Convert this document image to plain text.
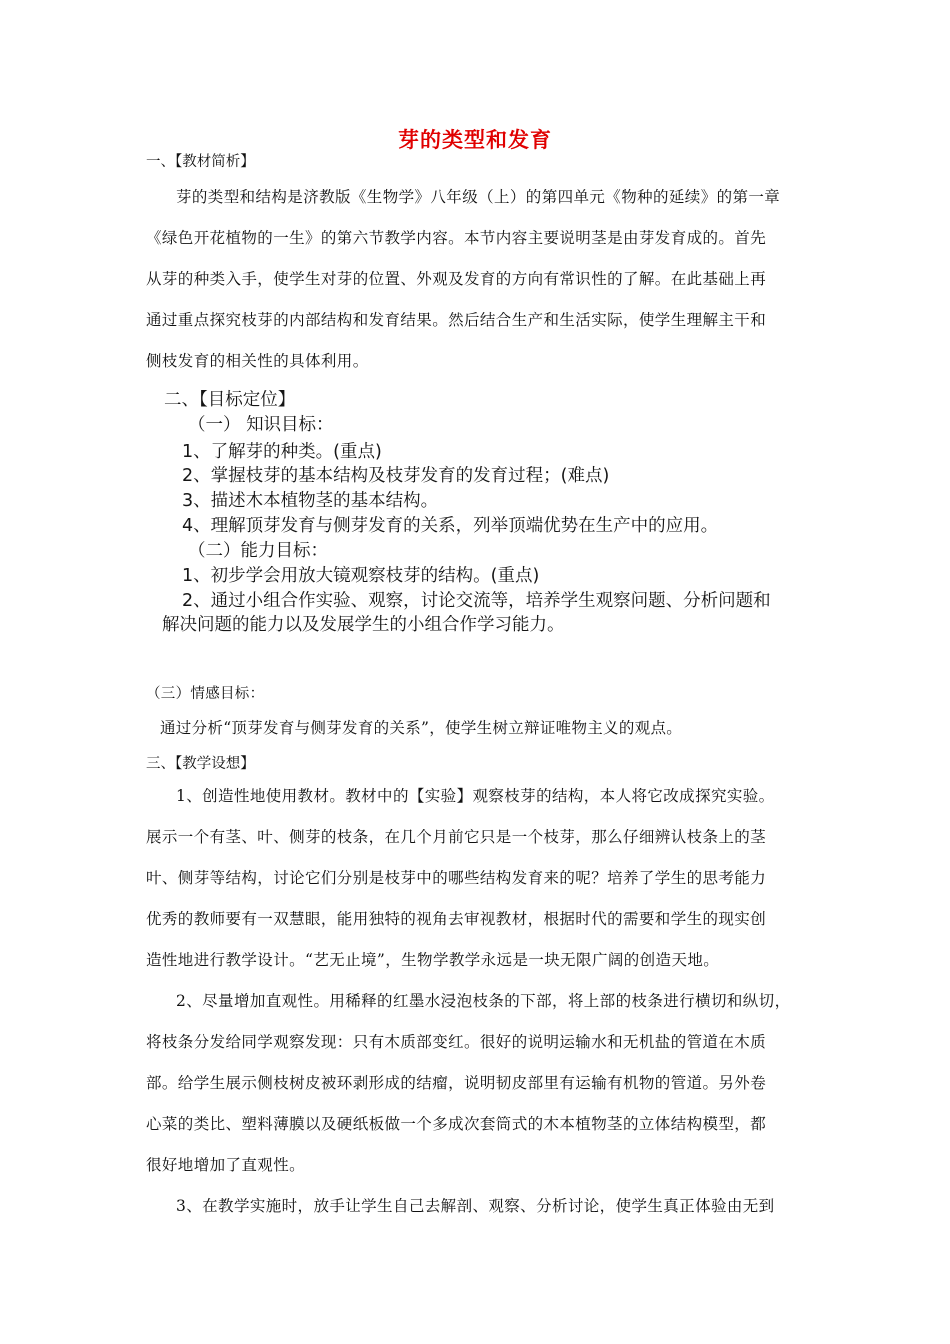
芽的类型和发育
一、【教材简析】
芽的类型和结构是济教版《生物学》八年级（上）的第四单元《物种的延续》的第一章
《绿色开花植物的一生》的第六节教学内容。本节内容主要说明茎是由芽发育成的。首先
从芽的种类入手，使学生对芽的位置、外观及发育的方向有常识性的了解。在此基础上再
通过重点探究枝芽的内部结构和发育结果。然后结合生产和生活实际，使学生理解主干和
侧枝发育的相关性的具体利用。
二、【目标定位】
（一） 知识目标：
1、了解芽的种类。(重点)
2、掌握枝芽的基本结构及枝芽发育的发育过程；(难点)
3、描述木本植物茎的基本结构。
4、理解顶芽发育与侧芽发育的关系，列举顶端优势在生产中的应用。
（二）能力目标：
1、初步学会用放大镜观察枝芽的结构。(重点)
2、通过小组合作实验、观察，讨论交流等，培养学生观察问题、分析问题和
解决问题的能力以及发展学生的小组合作学习能力。
（三）情感目标：
通过分析“顶芽发育与侧芽发育的关系”，使学生树立辩证唯物主义的观点。
三、【教学设想】
1、创造性地使用教材。教材中的【实验】观察枝芽的结构，本人将它改成探究实验。
展示一个有茎、叶、侧芽的枝条，在几个月前它只是一个枝芽，那么仔细辨认枝条上的茎
叶、侧芽等结构，讨论它们分别是枝芽中的哪些结构发育来的呢？培养了学生的思考能力
优秀的教师要有一双慧眼，能用独特的视角去审视教材，根据时代的需要和学生的现实创
造性地进行教学设计。“艺无止境”，生物学教学永远是一块无限广阔的创造天地。
2、尽量增加直观性。用稀释的红墨水浸泡枝条的下部，将上部的枝条进行横切和纵切，
将枝条分发给同学观察发现：只有木质部变红。很好的说明运输水和无机盐的管道在木质
部。给学生展示侧枝树皮被环剥形成的结瘤，说明韧皮部里有运输有机物的管道。另外卷
心菜的类比、塑料薄膜以及硬纸板做一个多成次套筒式的木本植物茎的立体结构模型，都
很好地增加了直观性。
3、在教学实施时，放手让学生自己去解剖、观察、分析讨论，使学生真正体验由无到
